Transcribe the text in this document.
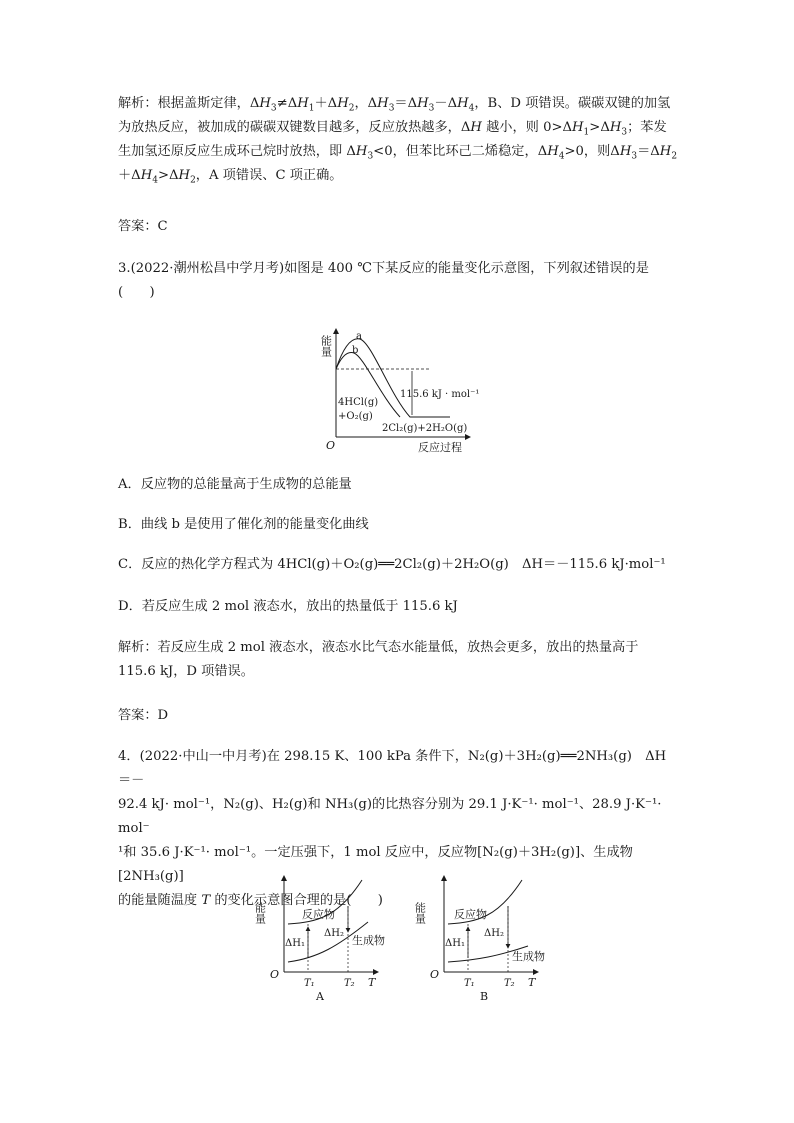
解析：根据盖斯定律，$\Delta H_3\ne\Delta H_1+\Delta H_2$，$\Delta H_3=\Delta H_3-\Delta H_4$，B、D 项错误。碳碳双键的加氢
为放热反应，被加成的碳碳双键数目越多，反应放热越多，ΔH 越小，则 $0>\Delta H_1>\Delta H_3$；苯发
生加氢还原反应生成环己烷时放热，即 $\Delta H_3<0$，但苯比环己二烯稳定，$\Delta H_4>0$，则$\Delta H_3=\Delta H_2$
$+\Delta H_4>\Delta H_2$，A 项错误、C 项正确。
答案：C
3.(2022·潮州松昌中学月考)如图是 400 ℃下某反应的能量变化示意图，下列叙述错误的是
(　　)
能量
O	反应过程
a
b
115.6 kJ · mol⁻¹
4HCl(g)
+O₂(g)
2Cl₂(g)+2H₂O(g)
A．反应物的总能量高于生成物的总能量
B．曲线 b 是使用了催化剂的能量变化曲线
C．反应的热化学方程式为 4HCl(g)＋O₂(g)══2Cl₂(g)＋2H₂O(g)　ΔH＝－115.6 kJ·mol⁻¹
D．若反应生成 2 mol 液态水，放出的热量低于 115.6 kJ
解析：若反应生成 2 mol 液态水，液态水比气态水能量低，放热会更多，放出的热量高于
115.6 kJ，D 项错误。
答案：D
4．(2022·中山一中月考)在 298.15 K、100 kPa 条件下，N₂(g)＋3H₂(g)══2NH₃(g)　ΔH＝－
92.4 kJ· mol⁻¹，N₂(g)、H₂(g)和 NH₃(g)的比热容分别为 29.1 J·K⁻¹· mol⁻¹、28.9 J·K⁻¹· mol⁻
¹和 35.6 J·K⁻¹· mol⁻¹。一定压强下，1 mol 反应中，反应物[N₂(g)＋3H₂(g)]、生成物[2NH₃(g)]
的能量随温度 T 的变化示意图合理的是(　　)
能量
O
反应物
生成物
ΔH₁
ΔH₂
T₁	T₂ T
A
能量
O
反应物
生成物
ΔH₁
ΔH₂
T₁	T₂ T
B
